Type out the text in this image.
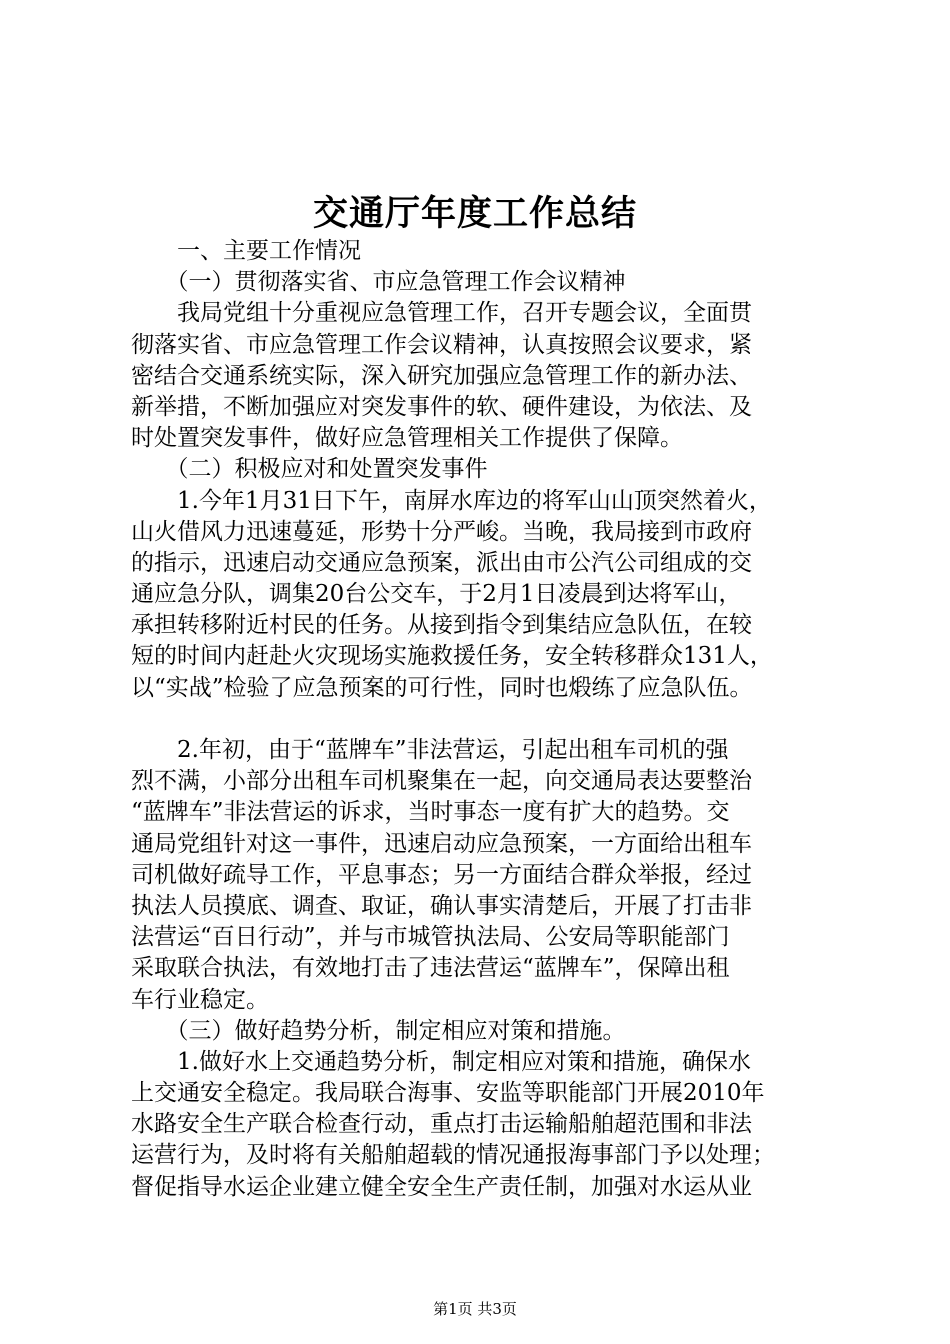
交通厅年度工作总结
　　一、主要工作情况
　　（一）贯彻落实省、市应急管理工作会议精神
　　我局党组十分重视应急管理工作，召开专题会议，全面贯
彻落实省、市应急管理工作会议精神，认真按照会议要求，紧
密结合交通系统实际，深入研究加强应急管理工作的新办法、
新举措，不断加强应对突发事件的软、硬件建设，为依法、及
时处置突发事件，做好应急管理相关工作提供了保障。
　　（二）积极应对和处置突发事件
　　1.今年1月31日下午，南屏水库边的将军山山顶突然着火，
山火借风力迅速蔓延，形势十分严峻。当晚，我局接到市政府
的指示，迅速启动交通应急预案，派出由市公汽公司组成的交
通应急分队，调集20台公交车，于2月1日凌晨到达将军山，
承担转移附近村民的任务。从接到指令到集结应急队伍，在较
短的时间内赶赴火灾现场实施救援任务，安全转移群众131人，
以“实战”检验了应急预案的可行性，同时也煅练了应急队伍。
　　2.年初，由于“蓝牌车”非法营运，引起出租车司机的强
烈不满，小部分出租车司机聚集在一起，向交通局表达要整治
“蓝牌车”非法营运的诉求，当时事态一度有扩大的趋势。交
通局党组针对这一事件，迅速启动应急预案，一方面给出租车
司机做好疏导工作，平息事态；另一方面结合群众举报，经过
执法人员摸底、调查、取证，确认事实清楚后，开展了打击非
法营运“百日行动”，并与市城管执法局、公安局等职能部门
采取联合执法，有效地打击了违法营运“蓝牌车”，保障出租
车行业稳定。
　　（三）做好趋势分析，制定相应对策和措施。
　　1.做好水上交通趋势分析，制定相应对策和措施，确保水
上交通安全稳定。我局联合海事、安监等职能部门开展2010年
水路安全生产联合检查行动，重点打击运输船舶超范围和非法
运营行为，及时将有关船舶超载的情况通报海事部门予以处理；
督促指导水运企业建立健全安全生产责任制，加强对水运从业
第1页 共3页
